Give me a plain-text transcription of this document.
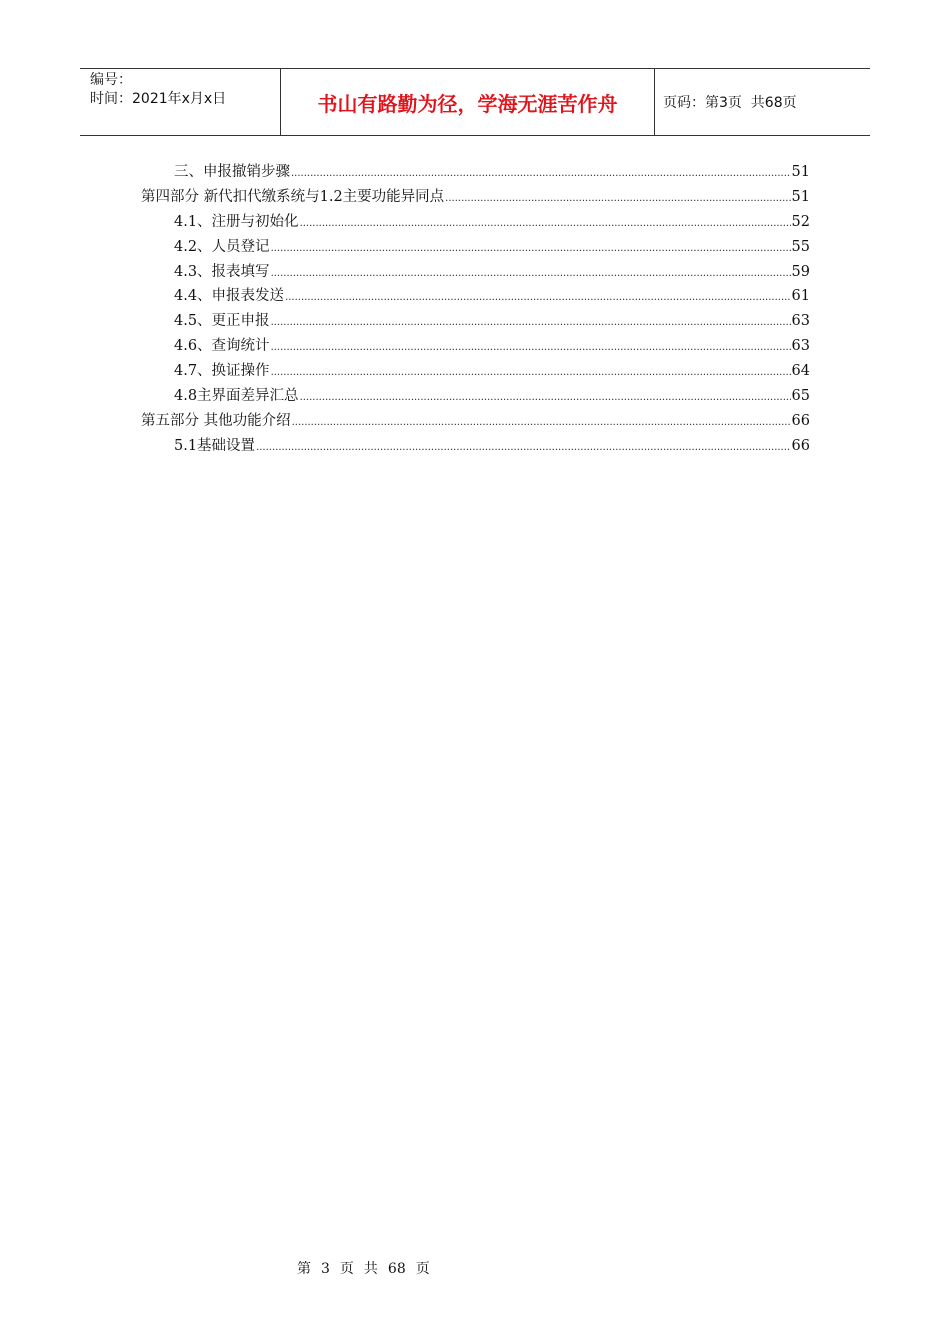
编号：
时间：2021年x月x日	书山有路勤为径，学海无涯苦作舟	页码：第3页  共68页
三、申报撤销步骤 .....	51
第四部分 新代扣代缴系统与1.2主要功能异同点 .....	51
4.1、注册与初始化 .....	52
4.2、人员登记 .....	55
4.3、报表填写 .....	59
4.4、申报表发送 .....	61
4.5、更正申报 .....	63
4.6、查询统计 .....	63
4.7、换证操作 .....	64
4.8主界面差异汇总 .....	65
第五部分 其他功能介绍 .....	66
5.1基础设置 .....	66
第 3 页 共 68 页
